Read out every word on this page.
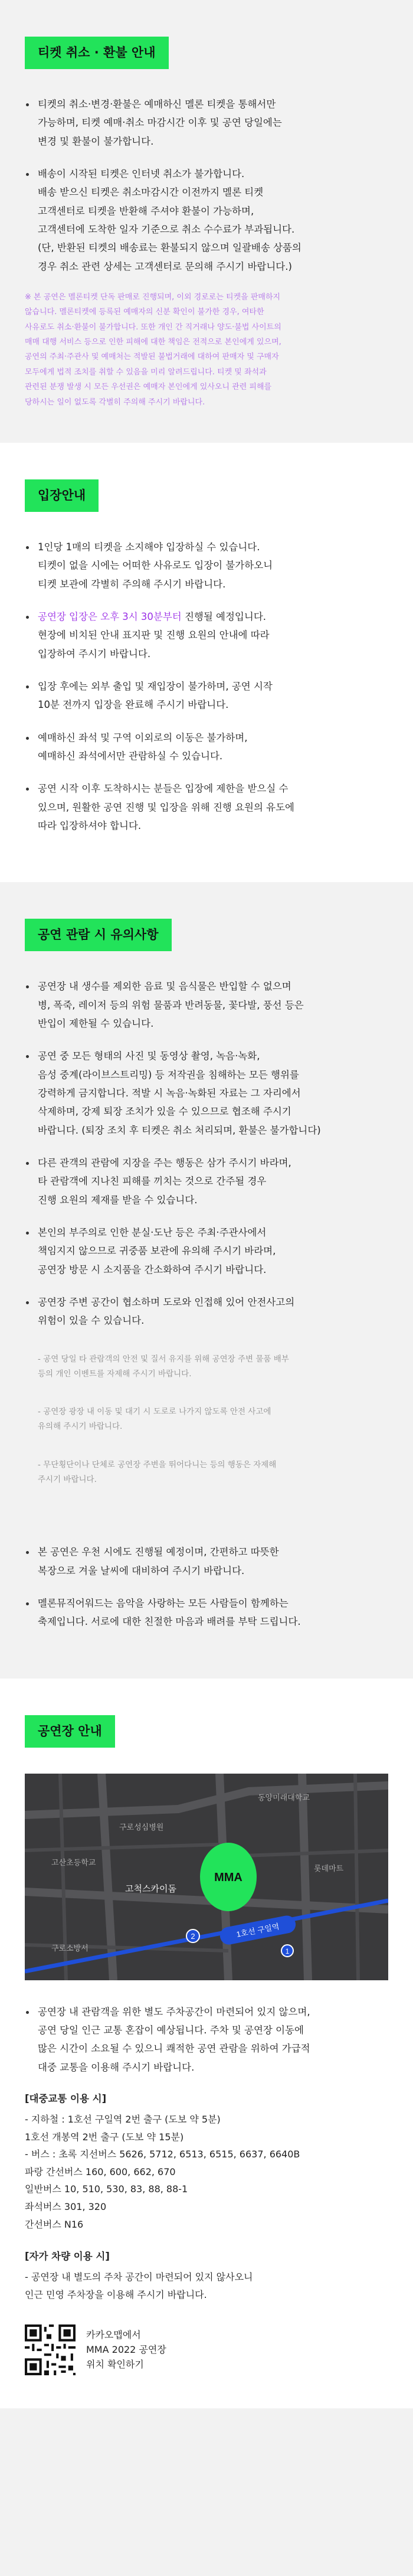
티켓 취소 · 환불 안내
티켓의 취소·변경·환불은 예매하신 멜론 티켓을 통해서만
가능하며, 티켓 예매·취소 마감시간 이후 및 공연 당일에는
변경 및 환불이 불가합니다.
배송이 시작된 티켓은 인터넷 취소가 불가합니다.
배송 받으신 티켓은 취소마감시간 이전까지 멜론 티켓
고객센터로 티켓을 반환해 주셔야 환불이 가능하며,
고객센터에 도착한 일자 기준으로 취소 수수료가 부과됩니다.
(단, 반환된 티켓의 배송료는 환불되지 않으며 일괄배송 상품의
경우 취소 관련 상세는 고객센터로 문의해 주시기 바랍니다.)
※ 본 공연은 멜론티켓 단독 판매로 진행되며, 이외 경로로는 티켓을 판매하지
않습니다. 멜론티켓에 등록된 예매자의 신분 확인이 불가한 경우, 여타한
사유로도 취소·환불이 불가합니다. 또한 개인 간 직거래나 양도·불법 사이트의
매매 대행 서비스 등으로 인한 피해에 대한 책임은 전적으로 본인에게 있으며,
공연의 주최·주관사 및 예매처는 적발된 불법거래에 대하여 판매자 및 구매자
모두에게 법적 조치를 취할 수 있음을 미리 알려드립니다. 티켓 및 좌석과
관련된 분쟁 발생 시 모든 우선권은 예매자 본인에게 있사오니 관련 피해를
당하시는 일이 없도록 각별히 주의해 주시기 바랍니다.
입장안내
1인당 1매의 티켓을 소지해야 입장하실 수 있습니다.
티켓이 없을 시에는 어떠한 사유로도 입장이 불가하오니
티켓 보관에 각별히 주의해 주시기 바랍니다.
공연장 입장은 오후 3시 30분부터 진행될 예정입니다.
현장에 비치된 안내 표지판 및 진행 요원의 안내에 따라
입장하여 주시기 바랍니다.
입장 후에는 외부 출입 및 재입장이 불가하며, 공연 시작
10분 전까지 입장을 완료해 주시기 바랍니다.
예매하신 좌석 및 구역 이외로의 이동은 불가하며,
예매하신 좌석에서만 관람하실 수 있습니다.
공연 시작 이후 도착하시는 분들은 입장에 제한을 받으실 수
있으며, 원활한 공연 진행 및 입장을 위해 진행 요원의 유도에
따라 입장하셔야 합니다.
공연 관람 시 유의사항
공연장 내 생수를 제외한 음료 및 음식물은 반입할 수 없으며
병, 폭죽, 레이저 등의 위험 물품과 반려동물, 꽃다발, 풍선 등은
반입이 제한될 수 있습니다.
공연 중 모든 형태의 사진 및 동영상 촬영, 녹음·녹화,
음성 중계(라이브스트리밍) 등 저작권을 침해하는 모든 행위를
강력하게 금지합니다. 적발 시 녹음·녹화된 자료는 그 자리에서
삭제하며, 강제 퇴장 조치가 있을 수 있으므로 협조해 주시기
바랍니다. (퇴장 조치 후 티켓은 취소 처리되며, 환불은 불가합니다)
다른 관객의 관람에 지장을 주는 행동은 삼가 주시기 바라며,
타 관람객에 지나친 피해를 끼치는 것으로 간주될 경우
진행 요원의 제재를 받을 수 있습니다.
본인의 부주의로 인한 분실·도난 등은 주최·주관사에서
책임지지 않으므로 귀중품 보관에 유의해 주시기 바라며,
공연장 방문 시 소지품을 간소화하여 주시기 바랍니다.
공연장 주변 공간이 협소하며 도로와 인접해 있어 안전사고의
위험이 있을 수 있습니다.

- 공연 당일 타 관람객의 안전 및 질서 유지를 위해 공연장 주변 물품 배부
등의 개인 이벤트를 자제해 주시기 바랍니다.

- 공연장 광장 내 이동 및 대기 시 도로로 나가지 않도록 안전 사고에
유의해 주시기 바랍니다.

- 무단횡단이나 단체로 공연장 주변을 뛰어다니는 등의 행동은 자제해
주시기 바랍니다.

본 공연은 우천 시에도 진행될 예정이며, 간편하고 따뜻한
복장으로 겨울 날씨에 대비하여 주시기 바랍니다.
멜론뮤직어워드는 음악을 사랑하는 모든 사람들이 함께하는
축제입니다. 서로에 대한 친절한 마음과 배려를 부탁 드립니다.
공연장 안내
1호선 구일역
2
1
MMA
동양미래대학교
구로성심병원
고산초등학교
구로소방서
롯데마트
고척스카이돔
공연장 내 관람객을 위한 별도 주차공간이 마련되어 있지 않으며,
공연 당일 인근 교통 혼잡이 예상됩니다. 주차 및 공연장 이동에
많은 시간이 소요될 수 있으니 쾌적한 공연 관람을 위하여 가급적
대중 교통을 이용해 주시기 바랍니다.
[대중교통 이용 시]
- 지하철 : 1호선 구일역 2번 출구 (도보 약 5분)
1호선 개봉역 2번 출구 (도보 약 15분)
- 버스 : 초록 지선버스 5626, 5712, 6513, 6515, 6637, 6640B
파랑 간선버스 160, 600, 662, 670
일반버스 10, 510, 530, 83, 88, 88-1
좌석버스 301, 320
간선버스 N16
[자가 차량 이용 시]
- 공연장 내 별도의 주차 공간이 마련되어 있지 않사오니
인근 민영 주차장을 이용해 주시기 바랍니다.
카카오맵에서
MMA 2022 공연장
위치 확인하기
